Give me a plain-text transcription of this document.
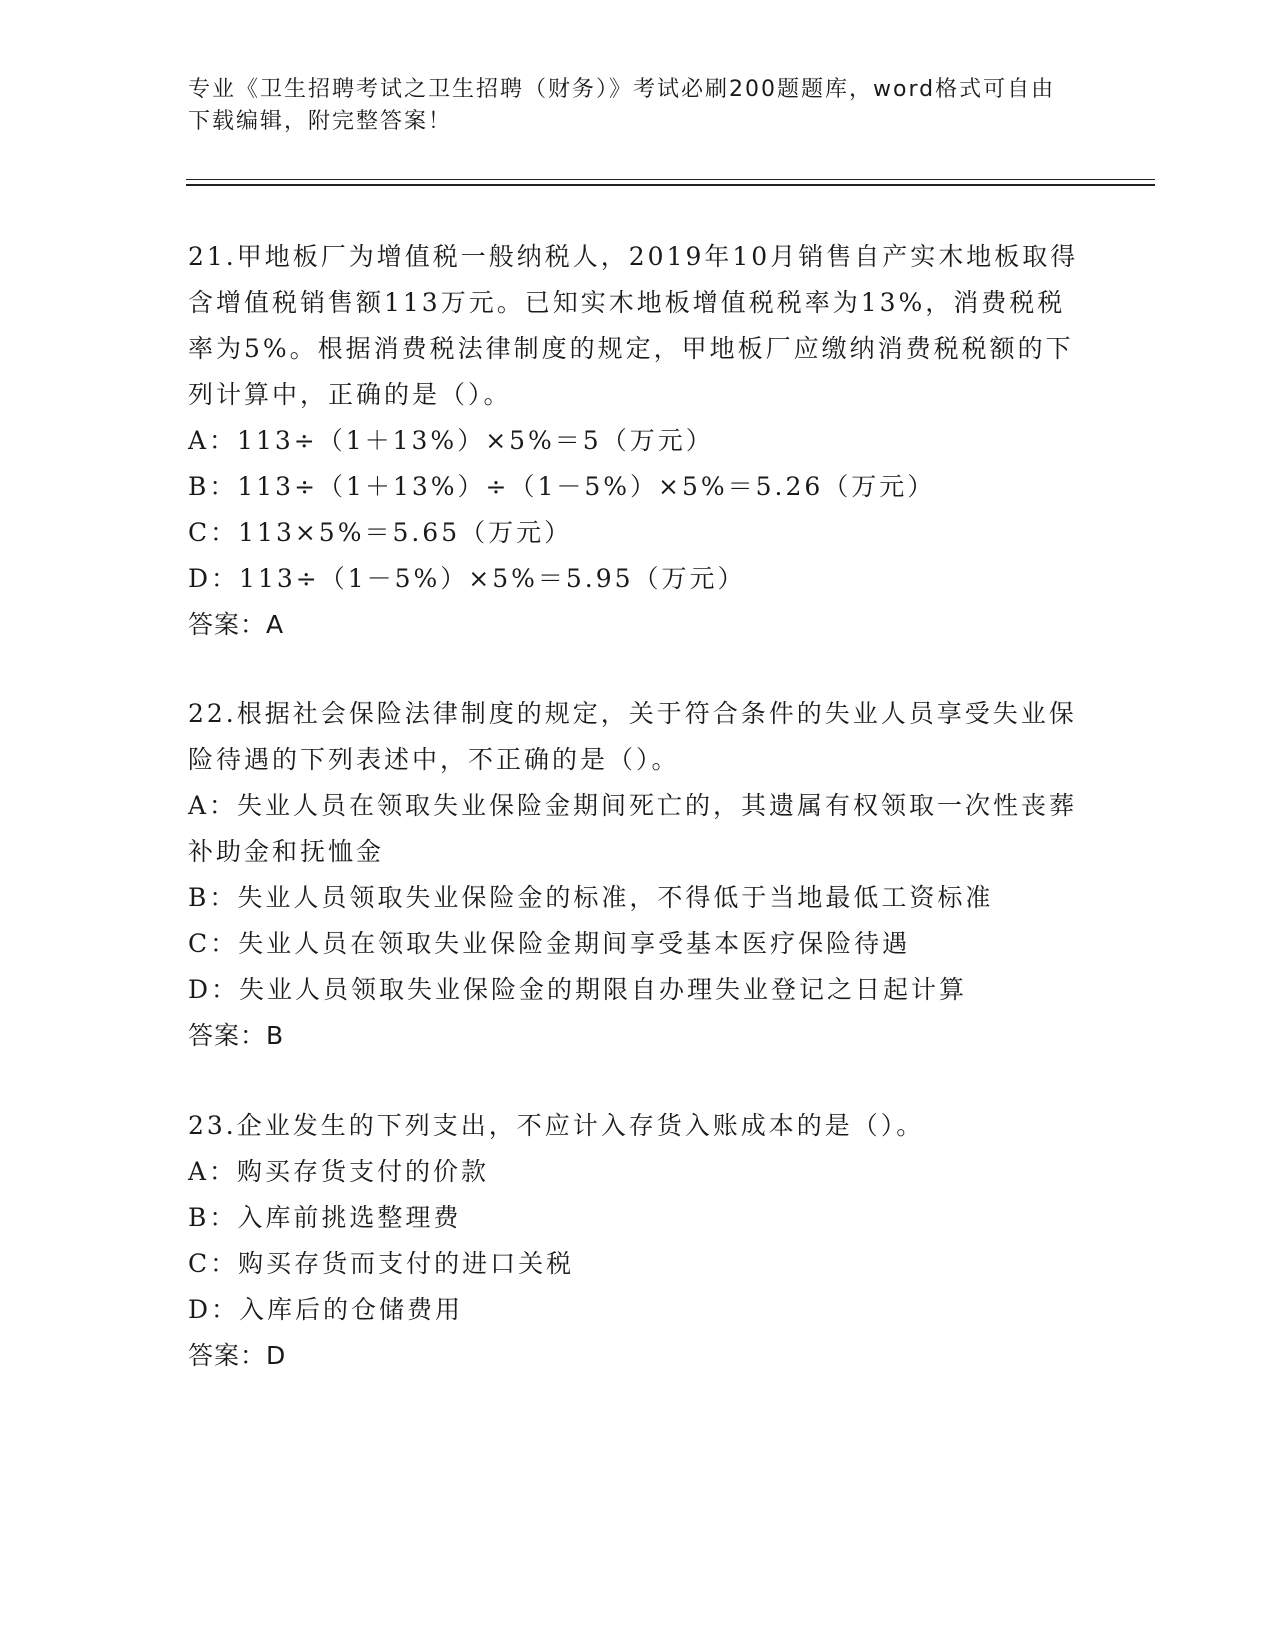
专业《卫生招聘考试之卫生招聘（财务）》考试必刷200题题库，word格式可自由下载编辑，附完整答案！

21.甲地板厂为增值税一般纳税人，2019年10月销售自产实木地板取得含增值税销售额113万元。已知实木地板增值税税率为13%，消费税税率为5%。根据消费税法律制度的规定，甲地板厂应缴纳消费税税额的下列计算中，正确的是（）。

A：113÷（1＋13%）×5%＝5（万元）

B：113÷（1＋13%）÷（1－5%）×5%＝5.26（万元）

C：113×5%＝5.65（万元）

D：113÷（1－5%）×5%＝5.95（万元）

答案：A

22.根据社会保险法律制度的规定，关于符合条件的失业人员享受失业保险待遇的下列表述中，不正确的是（）。

A：失业人员在领取失业保险金期间死亡的，其遗属有权领取一次性丧葬补助金和抚恤金

B：失业人员领取失业保险金的标准，不得低于当地最低工资标准

C：失业人员在领取失业保险金期间享受基本医疗保险待遇

D：失业人员领取失业保险金的期限自办理失业登记之日起计算

答案：B

23.企业发生的下列支出，不应计入存货入账成本的是（）。

A：购买存货支付的价款

B：入库前挑选整理费

C：购买存货而支付的进口关税

D：入库后的仓储费用

答案：D
